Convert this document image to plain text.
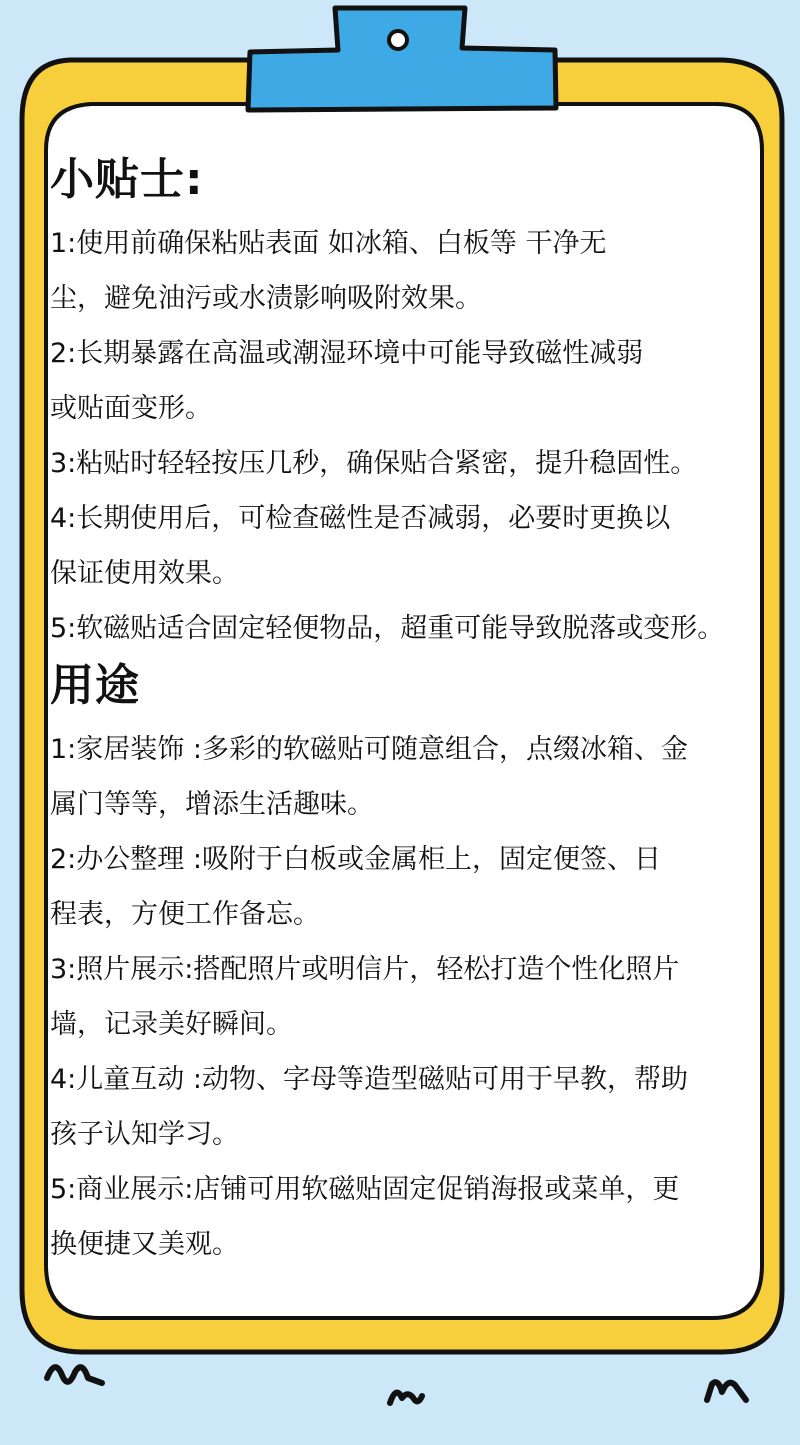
小贴士:

1:使用前确保粘贴表面 如冰箱、白板等 干净无
尘，避免油污或水渍影响吸附效果。

2:长期暴露在高温或潮湿环境中可能导致磁性减弱
或贴面变形。

3:粘贴时轻轻按压几秒，确保贴合紧密，提升稳固性。

4:长期使用后，可检查磁性是否减弱，必要时更换以
保证使用效果。

5:软磁贴适合固定轻便物品，超重可能导致脱落或变形。

用途

1:家居装饰 :多彩的软磁贴可随意组合，点缀冰箱、金
属门等等，增添生活趣味。

2:办公整理 :吸附于白板或金属柜上，固定便签、日
程表，方便工作备忘。

3:照片展示:搭配照片或明信片，轻松打造个性化照片
墙，记录美好瞬间。

4:儿童互动 :动物、字母等造型磁贴可用于早教，帮助
孩子认知学习。

5:商业展示:店铺可用软磁贴固定促销海报或菜单，更
换便捷又美观。
